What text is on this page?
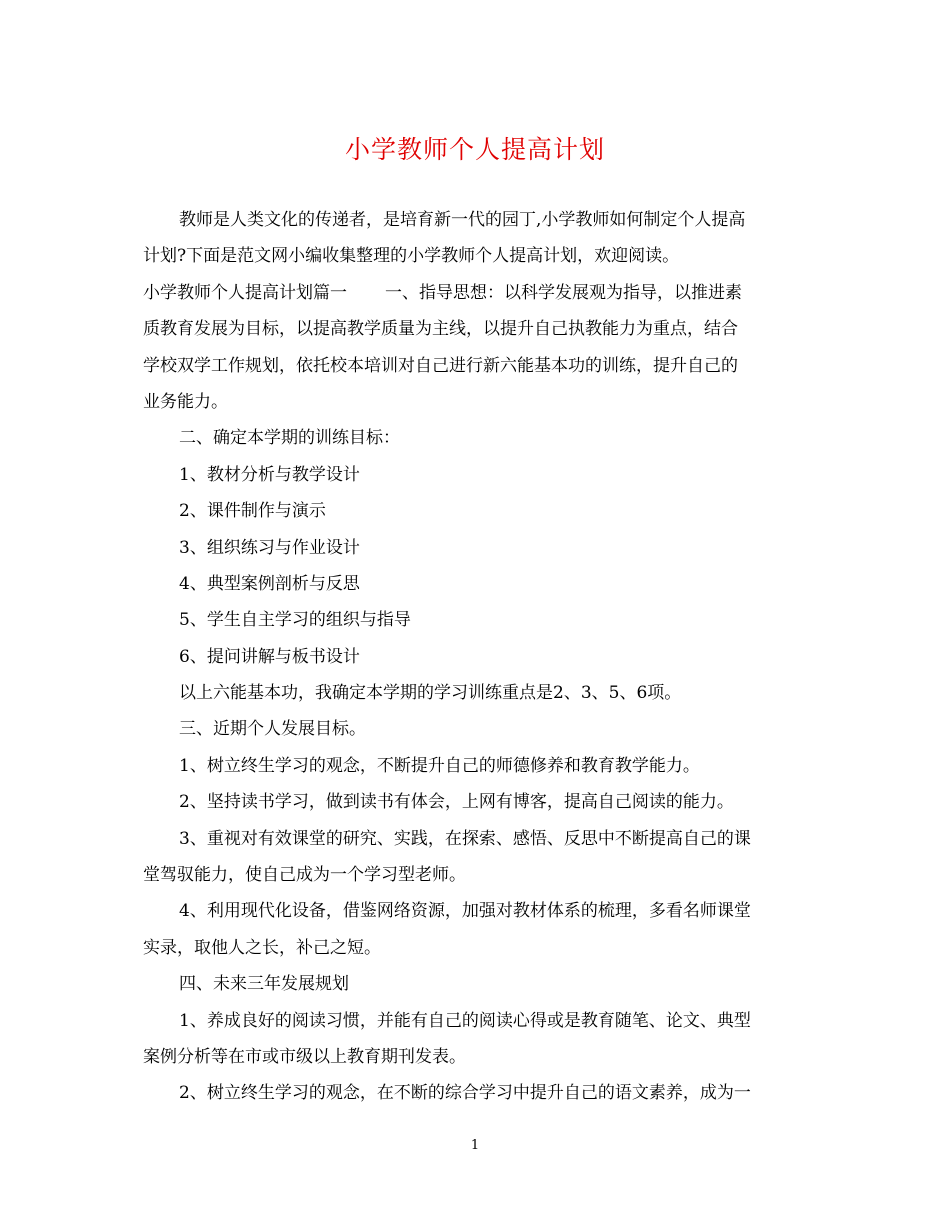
小学教师个人提高计划
教师是人类文化的传递者，是培育新一代的园丁,小学教师如何制定个人提高
计划?下面是范文网小编收集整理的小学教师个人提高计划，欢迎阅读。
小学教师个人提高计划篇一 一、指导思想：以科学发展观为指导，以推进素
质教育发展为目标，以提高教学质量为主线，以提升自己执教能力为重点，结合
学校双学工作规划，依托校本培训对自己进行新六能基本功的训练，提升自己的
业务能力。
二、确定本学期的训练目标：
1、教材分析与教学设计
2、课件制作与演示
3、组织练习与作业设计
4、典型案例剖析与反思
5、学生自主学习的组织与指导
6、提问讲解与板书设计
以上六能基本功，我确定本学期的学习训练重点是2、3、5、6项。
三、近期个人发展目标。
1、树立终生学习的观念，不断提升自己的师德修养和教育教学能力。
2、坚持读书学习，做到读书有体会，上网有博客，提高自己阅读的能力。
3、重视对有效课堂的研究、实践，在探索、感悟、反思中不断提高自己的课
堂驾驭能力，使自己成为一个学习型老师。
4、利用现代化设备，借鉴网络资源，加强对教材体系的梳理，多看名师课堂
实录，取他人之长，补己之短。
四、未来三年发展规划
1、养成良好的阅读习惯，并能有自己的阅读心得或是教育随笔、论文、典型
案例分析等在市或市级以上教育期刊发表。
2、树立终生学习的观念，在不断的综合学习中提升自己的语文素养，成为一
1
